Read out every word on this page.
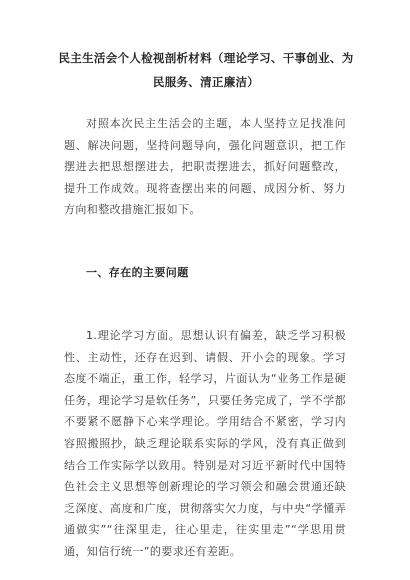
民主生活会个人检视剖析材料（理论学习、干事创业、为民服务、清正廉洁）

对照本次民主生活会的主题，本人坚持立足找准问题、解决问题，坚持问题导向，强化问题意识，把工作摆进去把思想摆进去，把职责摆进去，抓好问题整改，提升工作成效。现将查摆出来的问题、成因分析、努力方向和整改措施汇报如下。

一、存在的主要问题

1.理论学习方面。思想认识有偏差，缺乏学习积极性、主动性，还存在迟到、请假、开小会的现象。学习态度不端正，重工作，轻学习，片面认为“业务工作是硬任务，理论学习是软任务”，只要任务完成了，学不学都不要紧不愿静下心来学理论。学用结合不紧密，学习内容照搬照抄，缺乏理论联系实际的学风，没有真正做到结合工作实际学以致用。特别是对习近平新时代中国特色社会主义思想等创新理论的学习领会和融会贯通还缺乏深度、高度和广度，贯彻落实欠力度，与中央“学懂弄通做实”“往深里走，往心里走，往实里走”“学思用贯通，知信行统一”的要求还有差距。
